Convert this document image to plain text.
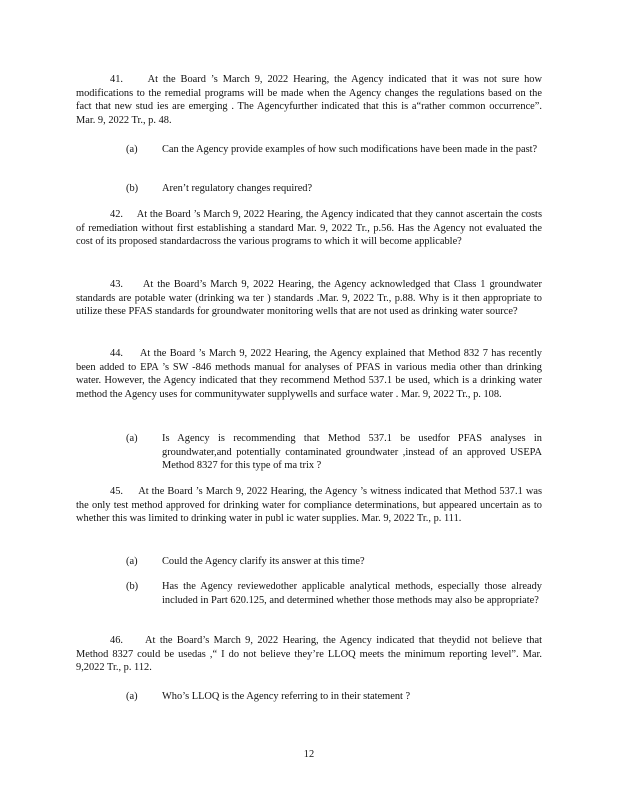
41. At the Board ’s March 9, 2022 Hearing, the Agency indicated that it was not sure how modifications to the remedial programs will be made when the Agency changes the regulations based on the fact that new stud ies are emerging . The Agencyfurther indicated that this is a“rather common occurrence”. Mar. 9, 2022 Tr., p. 48.

(a)	Can the Agency provide examples of how such modifications have been made in the past?
(b)	Aren’t regulatory changes required?

42. At the Board ’s March 9, 2022 Hearing, the Agency indicated that they cannot ascertain the costs of remediation without first establishing a standard Mar. 9, 2022 Tr., p.56. Has the Agency not evaluated the cost of its proposed standardacross the various programs to which it will become applicable?

43. At the Board’s March 9, 2022 Hearing, the Agency acknowledged that Class 1 groundwater standards are potable water (drinking wa ter ) standards .Mar. 9, 2022 Tr., p.88. Why is it then appropriate to utilize these PFAS standards for groundwater monitoring wells that are not used as drinking water source?

44. At the Board ’s March 9, 2022 Hearing, the Agency explained that Method 832 7 has recently been added to EPA ’s SW -846 methods manual for analyses of PFAS in various media other than drinking water. However, the Agency indicated that they recommend Method 537.1 be used, which is a drinking water method the Agency uses for communitywater supplywells and surface water . Mar. 9, 2022 Tr., p. 108.

(a)	Is Agency is recommending that Method 537.1 be usedfor PFAS analyses in groundwater,and potentially contaminated groundwater ,instead of an approved USEPA Method 8327 for this type of ma trix ?

45. At the Board ’s March 9, 2022 Hearing, the Agency ’s witness indicated that Method 537.1 was the only test method approved for drinking water for compliance determinations, but appeared uncertain as to whether this was limited to drinking water in publ ic water supplies. Mar. 9, 2022 Tr., p. 111.

(a)	Could the Agency clarify its answer at this time?
(b)	Has the Agency reviewedother applicable analytical methods, especially those already included in Part 620.125, and determined whether those methods may also be appropriate?

46. At the Board’s March 9, 2022 Hearing, the Agency indicated that theydid not believe that Method 8327 could be usedas ,“ I do not believe they’re LLOQ meets the minimum reporting level”. Mar. 9,2022 Tr., p. 112.

(a)	Who’s LLOQ is the Agency referring to in their statement ?
12
